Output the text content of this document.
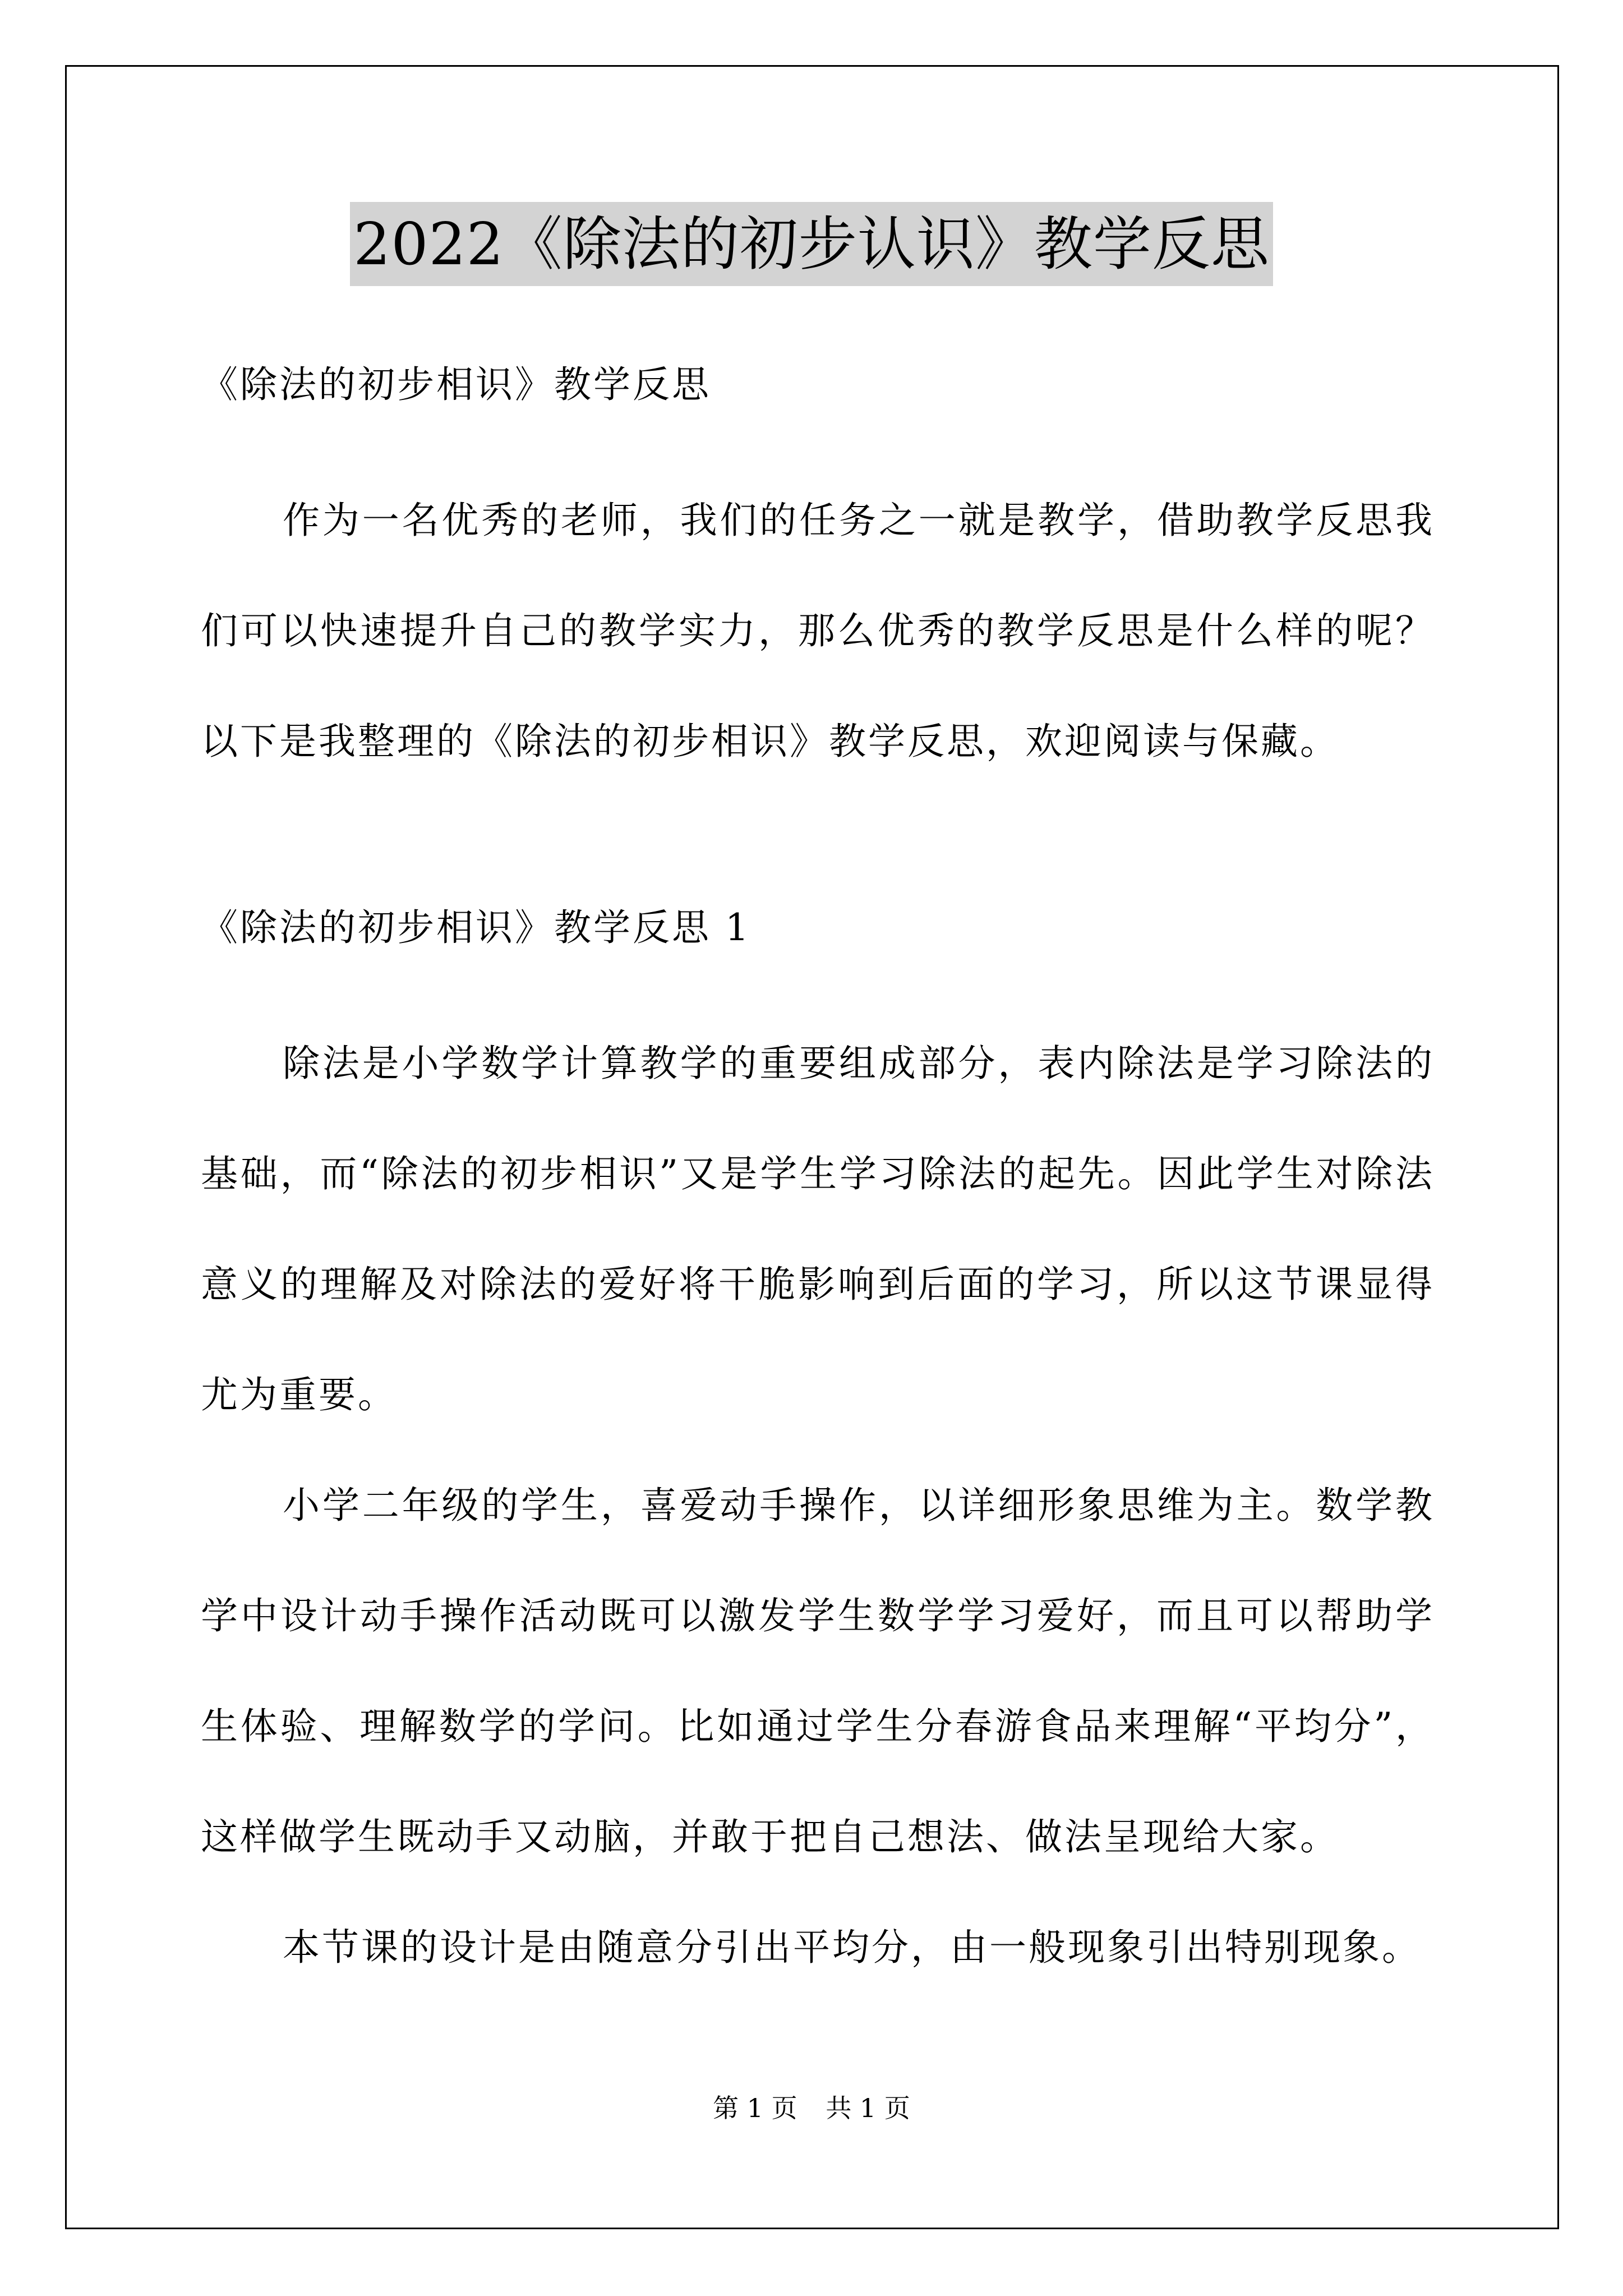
2022《除法的初步认识》教学反思

《除法的初步相识》教学反思

作为一名优秀的老师，我们的任务之一就是教学，借助教学反思我们可以快速提升自己的教学实力，那么优秀的教学反思是什么样的呢？以下是我整理的《除法的初步相识》教学反思，欢迎阅读与保藏。

《除法的初步相识》教学反思 1

除法是小学数学计算教学的重要组成部分，表内除法是学习除法的基础，而“除法的初步相识”又是学生学习除法的起先。因此学生对除法意义的理解及对除法的爱好将干脆影响到后面的学习，所以这节课显得尤为重要。

小学二年级的学生，喜爱动手操作，以详细形象思维为主。数学教学中设计动手操作活动既可以激发学生数学学习爱好，而且可以帮助学生体验、理解数学的学问。比如通过学生分春游食品来理解“平均分”，这样做学生既动手又动脑，并敢于把自己想法、做法呈现给大家。

本节课的设计是由随意分引出平均分，由一般现象引出特别现象。

第 1 页 共 1 页
